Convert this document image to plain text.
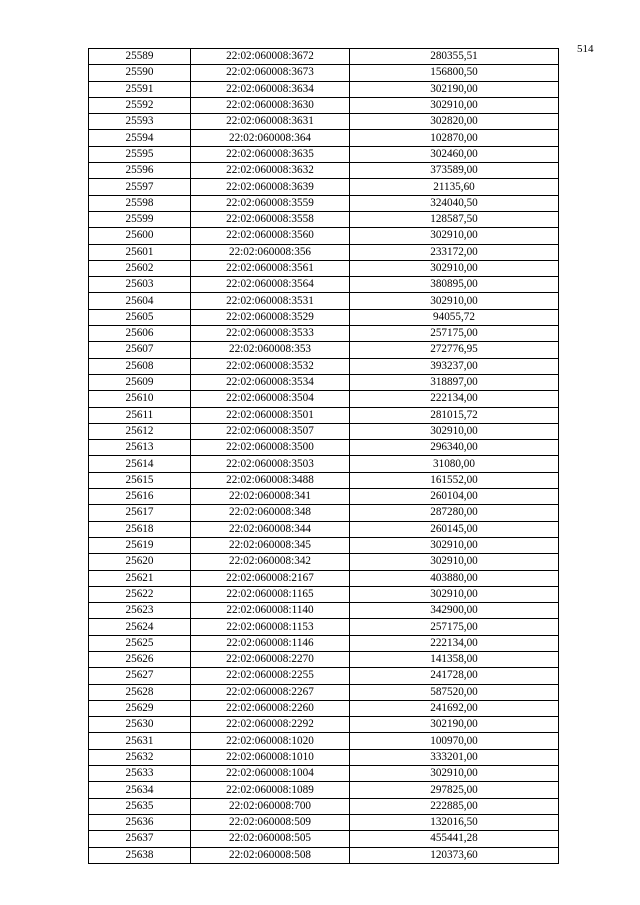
514
25589	22:02:060008:3672	280355,51
25590	22:02:060008:3673	156800,50
25591	22:02:060008:3634	302190,00
25592	22:02:060008:3630	302910,00
25593	22:02:060008:3631	302820,00
25594	22:02:060008:364	102870,00
25595	22:02:060008:3635	302460,00
25596	22:02:060008:3632	373589,00
25597	22:02:060008:3639	21135,60
25598	22:02:060008:3559	324040,50
25599	22:02:060008:3558	128587,50
25600	22:02:060008:3560	302910,00
25601	22:02:060008:356	233172,00
25602	22:02:060008:3561	302910,00
25603	22:02:060008:3564	380895,00
25604	22:02:060008:3531	302910,00
25605	22:02:060008:3529	94055,72
25606	22:02:060008:3533	257175,00
25607	22:02:060008:353	272776,95
25608	22:02:060008:3532	393237,00
25609	22:02:060008:3534	318897,00
25610	22:02:060008:3504	222134,00
25611	22:02:060008:3501	281015,72
25612	22:02:060008:3507	302910,00
25613	22:02:060008:3500	296340,00
25614	22:02:060008:3503	31080,00
25615	22:02:060008:3488	161552,00
25616	22:02:060008:341	260104,00
25617	22:02:060008:348	287280,00
25618	22:02:060008:344	260145,00
25619	22:02:060008:345	302910,00
25620	22:02:060008:342	302910,00
25621	22:02:060008:2167	403880,00
25622	22:02:060008:1165	302910,00
25623	22:02:060008:1140	342900,00
25624	22:02:060008:1153	257175,00
25625	22:02:060008:1146	222134,00
25626	22:02:060008:2270	141358,00
25627	22:02:060008:2255	241728,00
25628	22:02:060008:2267	587520,00
25629	22:02:060008:2260	241692,00
25630	22:02:060008:2292	302190,00
25631	22:02:060008:1020	100970,00
25632	22:02:060008:1010	333201,00
25633	22:02:060008:1004	302910,00
25634	22:02:060008:1089	297825,00
25635	22:02:060008:700	222885,00
25636	22:02:060008:509	132016,50
25637	22:02:060008:505	455441,28
25638	22:02:060008:508	120373,60
